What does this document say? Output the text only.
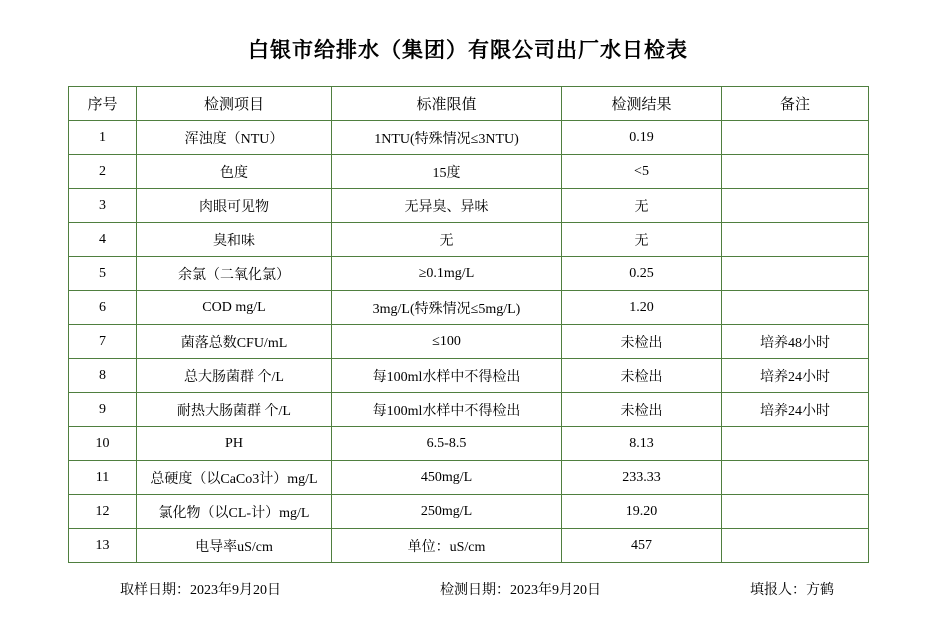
白银市给排水（集团）有限公司出厂水日检表
序号	检测项目	标准限值	检测结果	备注
1	浑浊度（NTU）	1NTU(特殊情况≤3NTU)	0.19	
2	色度	15度	<5	
3	肉眼可见物	无异臭、异味	无	
4	臭和味	无	无	
5	余氯（二氧化氯）	≥0.1mg/L	0.25	
6	COD mg/L	3mg/L(特殊情况≤5mg/L)	1.20	
7	菌落总数CFU/mL	≤100	未检出	培养48小时
8	总大肠菌群 个/L	每100ml水样中不得检出	未检出	培养24小时
9	耐热大肠菌群 个/L	每100ml水样中不得检出	未检出	培养24小时
10	PH	6.5-8.5	8.13	
11	总硬度（以CaCo3计）mg/L	450mg/L	233.33	
12	氯化物（以CL-计）mg/L	250mg/L	19.20	
13	电导率uS/cm	单位：uS/cm	457	
取样日期：2023年9月20日	检测日期：2023年9月20日	填报人：方鹤
